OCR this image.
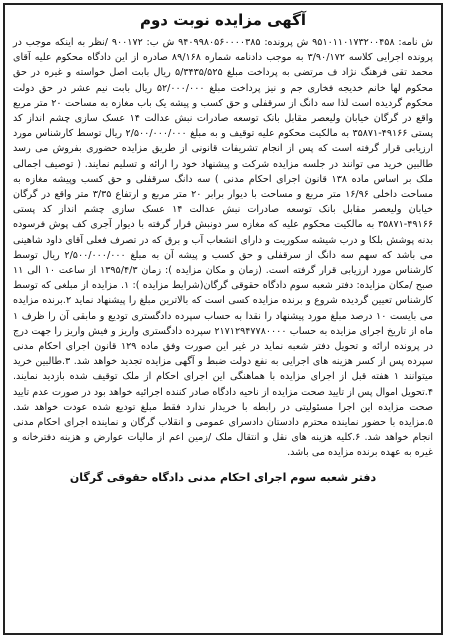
آگهی مزایده نوبت دوم

ش نامه: ۹۵۱۰۱۱۰۱۷۳۲۰۰۴۵۸ ش پرونده: ۹۴۰۹۹۸۰۵۶۰۰۰۰۳۸۵ ش ب: ۹۰۰۱۷۲ /نظر به اینکه موجب در پرونده اجرایی کلاسه ۳/۹۰/۱۷۲ به موجب دادنامه شماره ۸۹/۱۶۸ صادره از این دادگاه محکوم علیه آقای محمد تقی فرهنگ نژاد ف مرتضی به پرداخت مبلغ ۵/۳۴۳۵/۵۲۵ ریال بابت اصل خواسته و غیره در حق محکوم لها خانم خدیجه فخاری جم و نیز پرداخت مبلغ ۵۲/۰۰۰/۰۰۰ ریال بابت نیم عشر در حق دولت محکوم گردیده است لذا سه دانگ از سرقفلی و حق کسب و پیشه یک باب مغازه به مساحت ۲۰ متر مربع واقع در گرگان خیابان ولیعصر مقابل بانک توسعه صادرات نبش عدالت ۱۴ عسک سازی چشم انداز کد پستی ۴۹۱۶۶-۳۵۸۷۱ به مالکیت محکوم علیه توقیف و به مبلغ ۲/۵۰۰/۰۰۰/۰۰۰ ریال توسط کارشناس مورد ارزیابی قرار گرفته است که پس از انجام تشریفات قانونی از طریق مزایده حضوری بفروش می رسد طالبین خرید می توانند در جلسه مزایده شرکت و پیشنهاد خود را ارائه و تسلیم نمایند. ( توصیف اجمالی ملک بر اساس ماده ۱۳۸ قانون اجرای احکام مدنی ) سه دانگ سرقفلی و حق کسب وپیشه مغازه به مساحت داخلی ۱۶/۹۶ متر مربع و مساحت با دیوار برابر ۲۰ متر مربع و ارتفاع ۳/۳۵ متر واقع در گرگان خیابان ولیعصر مقابل بانک توسعه صادرات نبش عدالت ۱۴ عسک سازی چشم انداز کد پستی ۴۹۱۶۶-۳۵۸۷۱ به مالکیت محکوم علیه که مغازه سر دونبش قرار گرفته با دیوار آجری کف پوش فرسوده بدنه پوشش بلکا و درب شیشه سکوریت و دارای انشعاب آب و برق که در تصرف فعلی آقای داود شاهینی می باشد که سهم سه دانگ از سرقفلی و حق کسب و پیشه آن به مبلغ ۲/۵۰۰/۰۰۰/۰۰۰ ریال توسط کارشناس مورد ارزیابی قرار گرفته است. (زمان و مکان مزایده ): زمان ۱۳۹۵/۴/۳ از ساعت ۱۰ الی ۱۱ صبح /مکان مزایده: دفتر شعبه سوم دادگاه حقوقی گرگان(شرایط مزایده ): ۱. مزایده از مبلغی که توسط کارشناس تعیین گردیده شروع و برنده مزایده کسی است که بالاترین مبلغ را پیشنهاد نماید ۲.برنده مزایده می بایست ۱۰ درصد مبلغ مورد پیشنهاد را نقدا به حساب سپرده دادگستری تودیع و مابقی آن را ظرف ۱ ماه از تاریخ اجرای مزایده به حساب ۲۱۷۱۲۹۴۷۷۸۰۰۰۰ سپرده دادگستری واریز و فیش واریز را جهت درج در پرونده ارائه و تحویل دفتر شعبه نماید در غیر این صورت وفق ماده ۱۲۹ قانون اجرای احکام مدنی سپرده پس از کسر هزینه های اجرایی به نفع دولت ضبط و آگهی مزایده تجدید خواهد شد. ۳.طالبین خرید میتوانند ۱ هفته قبل از اجرای مزایده با هماهنگی این اجرای احکام از ملک توقیف شده بازدید نمایند. ۴.تحویل اموال پس از تایید صحت مزایده از ناحیه دادگاه صادر کننده اجرائیه خواهد بود در صورت عدم تایید صحت مزایده این اجرا مسئولیتی در رابطه با خریدار ندارد فقط مبلغ تودیع شده عودت خواهد شد. ۵.مزایده با حضور نماینده محترم دادستان دادسرای عمومی و انقلاب گرگان و نماینده اجرای احکام مدنی انجام خواهد شد. ۶.کلیه هزینه های نقل و انتقال ملک /زمین اعم از مالیات عوارض و هزینه دفترخانه و غیره به عهده برنده مزایده می باشد.

دفتر شعبه سوم اجرای احکام مدنی دادگاه حقوقی گرگان
